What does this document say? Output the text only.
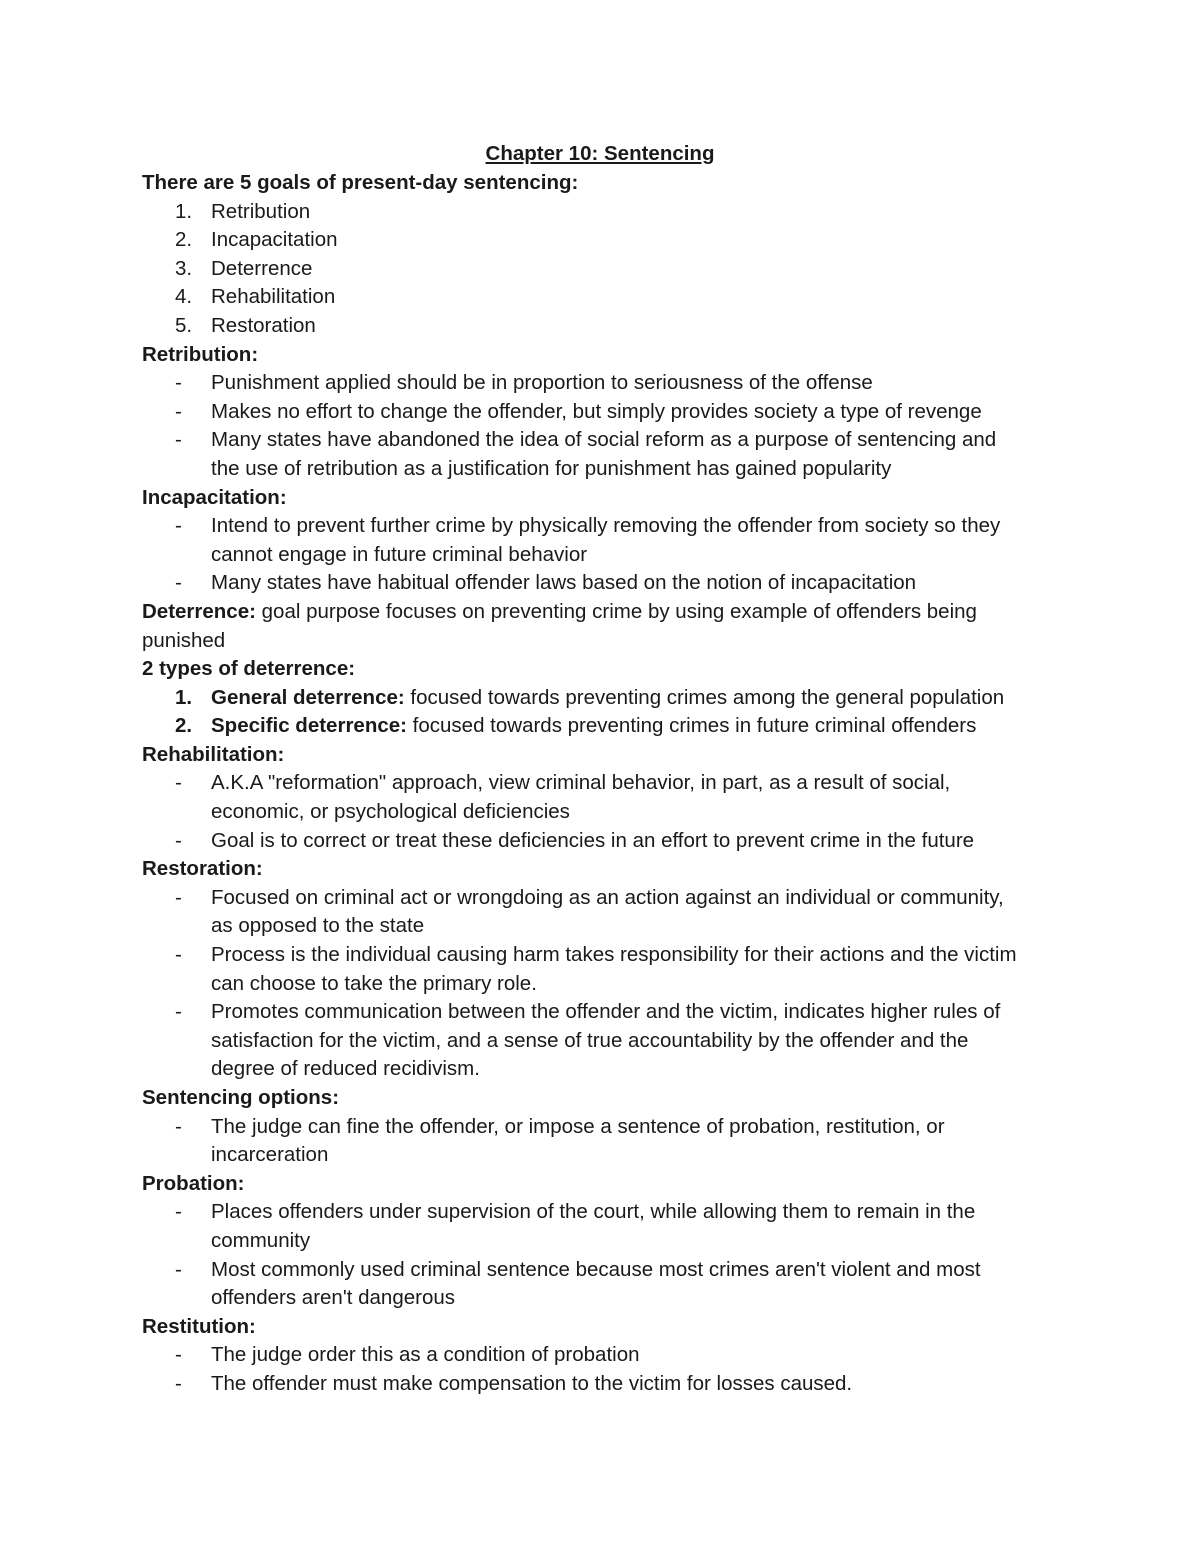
Chapter 10: Sentencing
There are 5 goals of present-day sentencing:
1. Retribution
2. Incapacitation
3. Deterrence
4. Rehabilitation
5. Restoration
Retribution:
- Punishment applied should be in proportion to seriousness of the offense
- Makes no effort to change the offender, but simply provides society a type of revenge
- Many states have abandoned the idea of social reform as a purpose of sentencing and
the use of retribution as a justification for punishment has gained popularity
Incapacitation:
- Intend to prevent further crime by physically removing the offender from society so they
cannot engage in future criminal behavior
- Many states have habitual offender laws based on the notion of incapacitation
Deterrence: goal purpose focuses on preventing crime by using example of offenders being
punished
2 types of deterrence:
1. General deterrence: focused towards preventing crimes among the general population
2. Specific deterrence: focused towards preventing crimes in future criminal offenders
Rehabilitation:
- A.K.A "reformation" approach, view criminal behavior, in part, as a result of social,
economic, or psychological deficiencies
- Goal is to correct or treat these deficiencies in an effort to prevent crime in the future
Restoration:
- Focused on criminal act or wrongdoing as an action against an individual or community,
as opposed to the state
- Process is the individual causing harm takes responsibility for their actions and the victim
can choose to take the primary role.
- Promotes communication between the offender and the victim, indicates higher rules of
satisfaction for the victim, and a sense of true accountability by the offender and the
degree of reduced recidivism.
Sentencing options:
- The judge can fine the offender, or impose a sentence of probation, restitution, or
incarceration
Probation:
- Places offenders under supervision of the court, while allowing them to remain in the
community
- Most commonly used criminal sentence because most crimes aren't violent and most
offenders aren't dangerous
Restitution:
- The judge order this as a condition of probation
- The offender must make compensation to the victim for losses caused.
